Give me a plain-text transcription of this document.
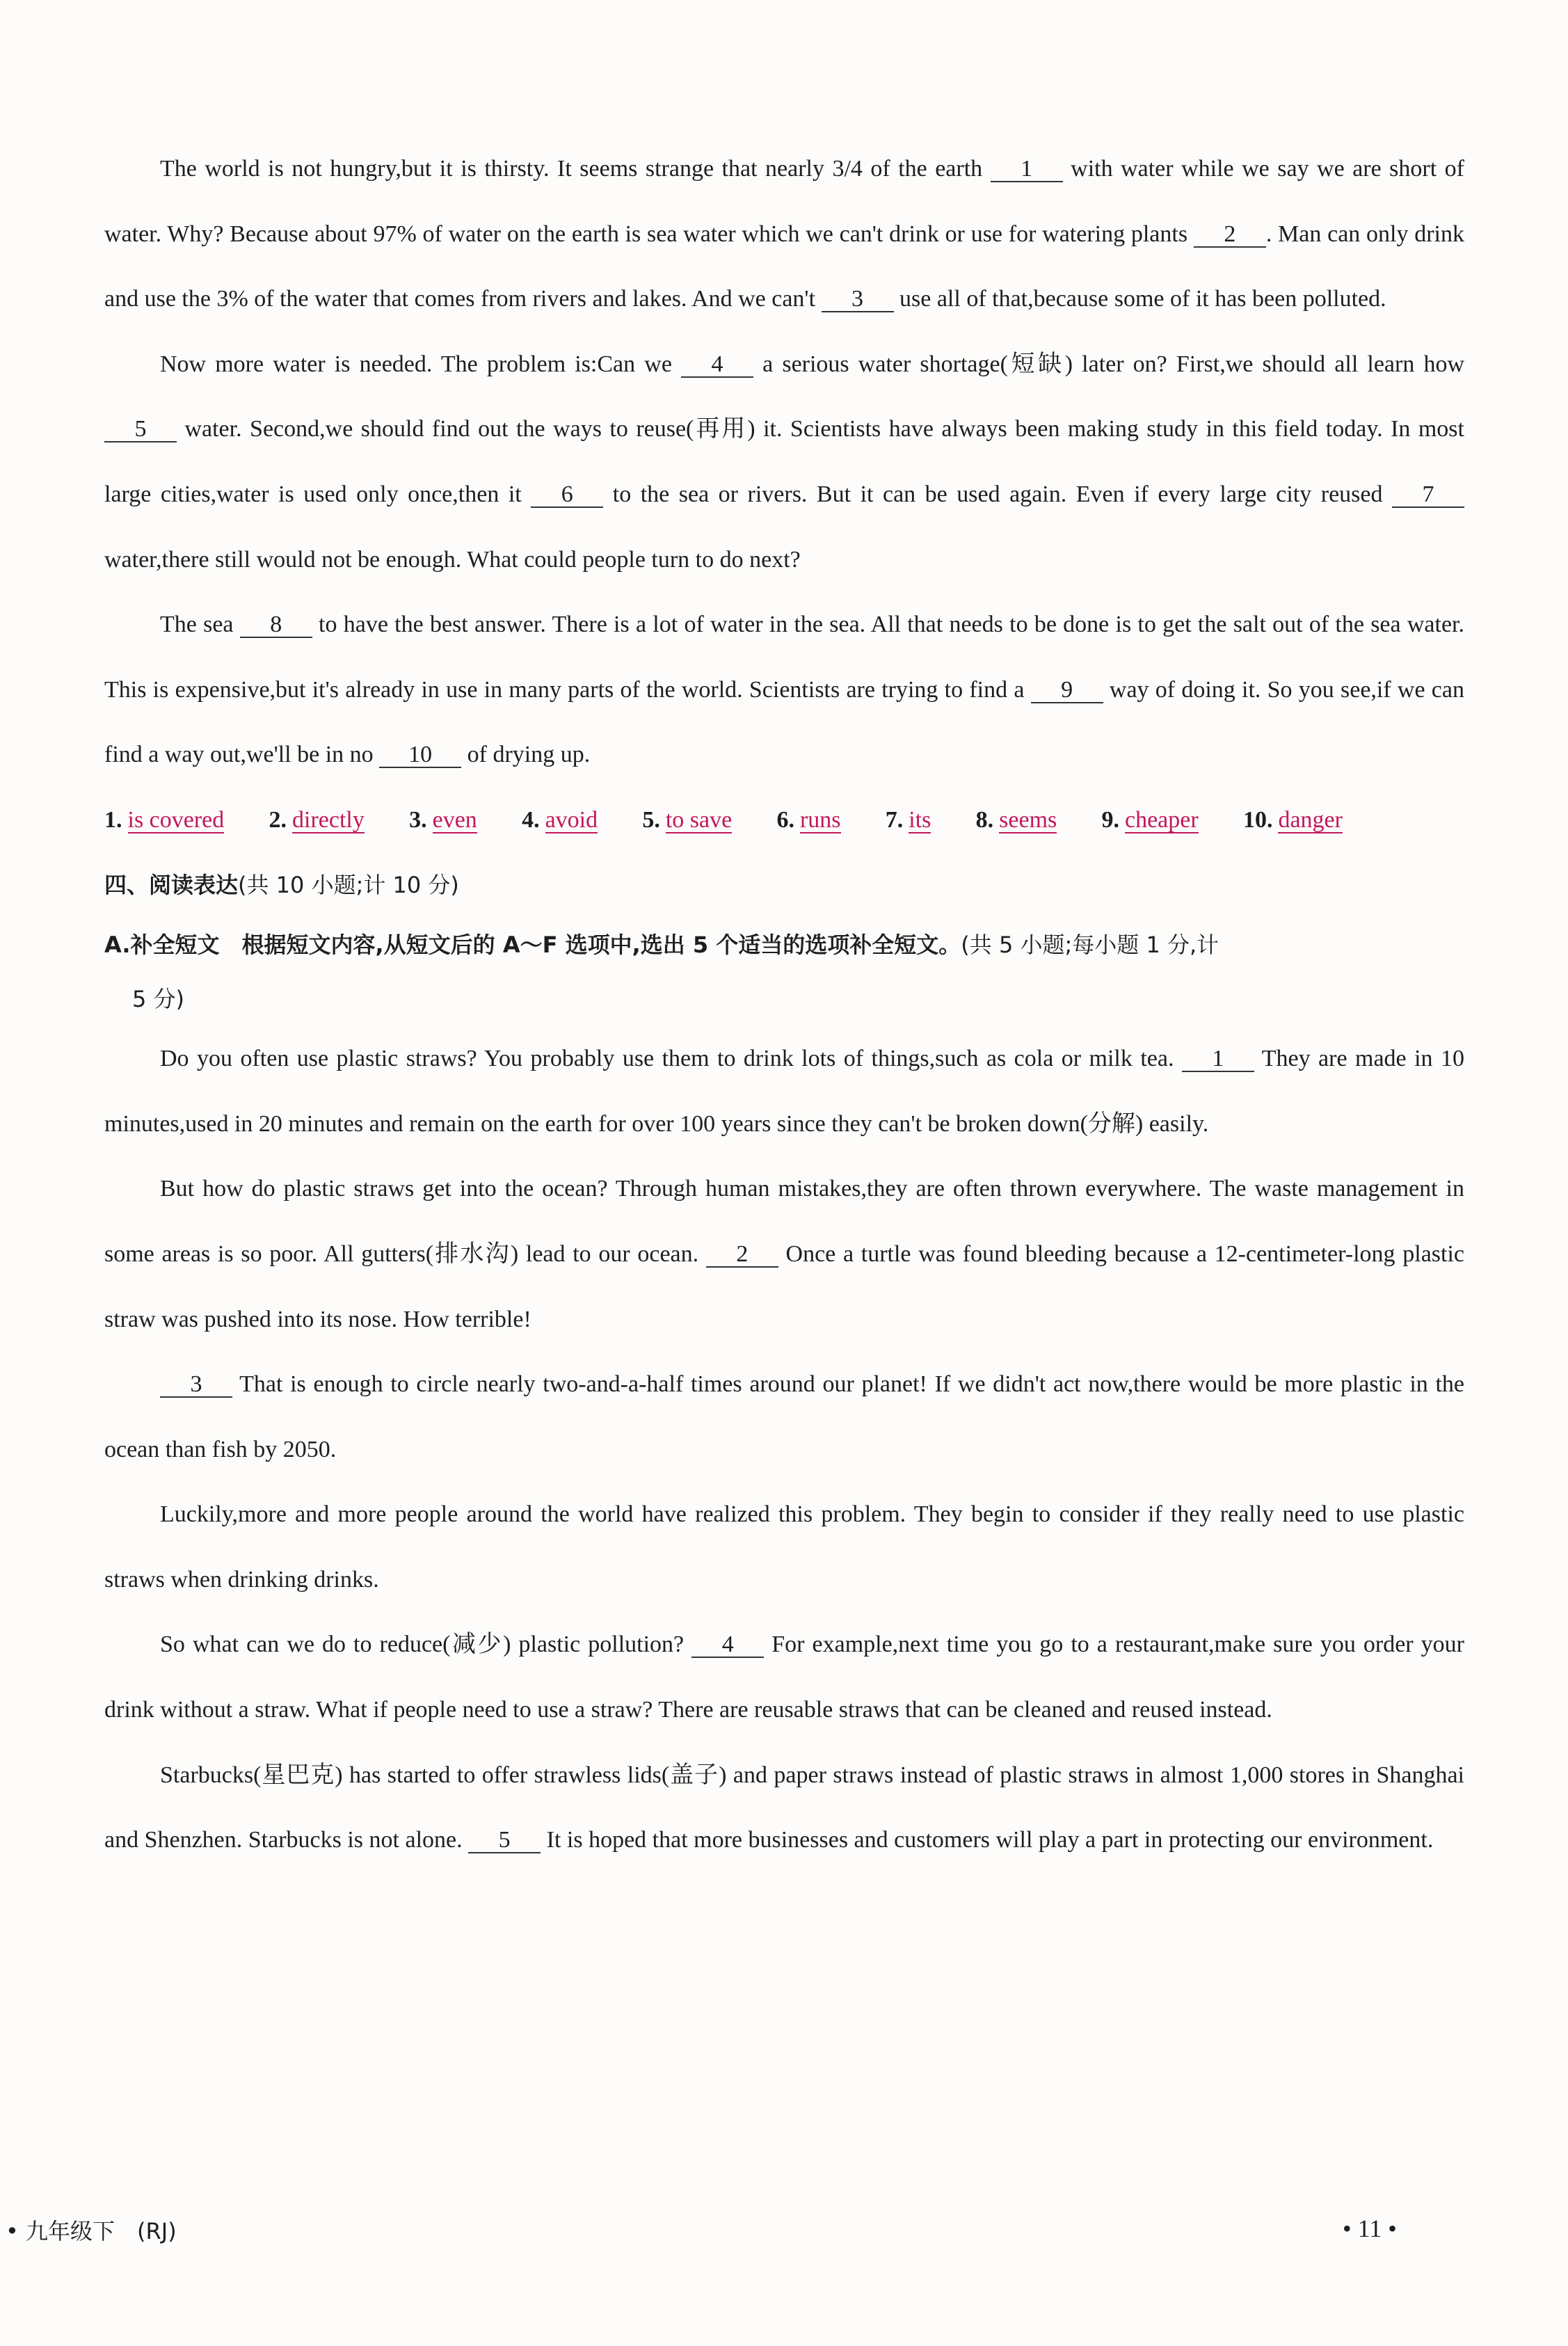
The world is not hungry,but it is thirsty. It seems strange that nearly 3/4 of the earth 1 with water while we say we are short of water. Why? Because about 97% of water on the earth is sea water which we can't drink or use for watering plants 2 . Man can only drink and use the 3% of the water that comes from rivers and lakes. And we can't 3 use all of that,because some of it has been polluted.

Now more water is needed. The problem is:Can we 4 a serious water shortage(短缺) later on? First,we should all learn how 5 water. Second,we should find out the ways to reuse(再用) it. Scientists have always been making study in this field today. In most large cities,water is used only once,then it 6 to the sea or rivers. But it can be used again. Even if every large city reused 7 water,there still would not be enough. What could people turn to do next?

The sea 8 to have the best answer. There is a lot of water in the sea. All that needs to be done is to get the salt out of the sea water. This is expensive,but it's already in use in many parts of the world. Scientists are trying to find a 9 way of doing it. So you see,if we can find a way out,we'll be in no 10 of drying up.

1. is covered 2. directly 3. even 4. avoid 5. to save 6. runs 7. its 8. seems 9. cheaper 10. danger

四、阅读表达(共 10 小题;计 10 分)

A.补全短文　根据短文内容,从短文后的 A～F 选项中,选出 5 个适当的选项补全短文。(共 5 小题;每小题 1 分,计
5 分)

Do you often use plastic straws? You probably use them to drink lots of things,such as cola or milk tea. 1 They are made in 10 minutes,used in 20 minutes and remain on the earth for over 100 years since they can't be broken down(分解) easily.

But how do plastic straws get into the ocean? Through human mistakes,they are often thrown everywhere. The waste management in some areas is so poor. All gutters(排水沟) lead to our ocean. 2 Once a turtle was found bleeding because a 12-centimeter-long plastic straw was pushed into its nose. How terrible!

3 That is enough to circle nearly two-and-a-half times around our planet! If we didn't act now,there would be more plastic in the ocean than fish by 2050.

Luckily,more and more people around the world have realized this problem. They begin to consider if they really need to use plastic straws when drinking drinks.

So what can we do to reduce(减少) plastic pollution? 4 For example,next time you go to a restaurant,make sure you order your drink without a straw. What if people need to use a straw? There are reusable straws that can be cleaned and reused instead.

Starbucks(星巴克) has started to offer strawless lids(盖子) and paper straws instead of plastic straws in almost 1,000 stores in Shanghai and Shenzhen. Starbucks is not alone. 5 It is hoped that more businesses and customers will play a part in protecting our environment.

• 九年级下　(RJ)	• 11 •
